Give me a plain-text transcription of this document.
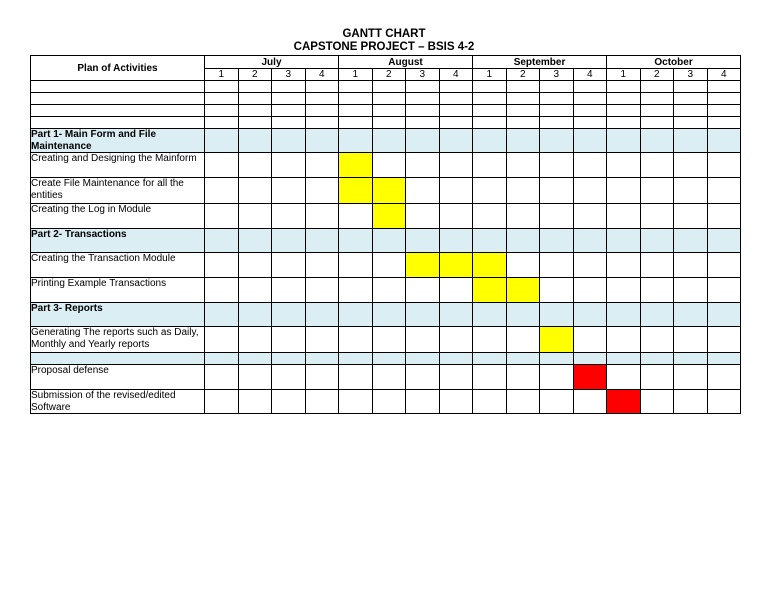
GANTT CHART
CAPSTONE PROJECT – BSIS 4-2
Plan of Activities	July				August				September				October			
	1	2	3	4	1	2	3	4	1	2	3	4	1	2	3	4

Part 1- Main Form and File Maintenance																
Creating and Designing the Mainform																
Create File Maintenance for all the entities																
Creating the Log in Module																
Part 2- Transactions																
Creating the Transaction Module																
Printing Example Transactions																
Part 3- Reports																
Generating The reports such as Daily, Monthly and Yearly reports																

Proposal defense																
Submission of the revised/edited Software																
